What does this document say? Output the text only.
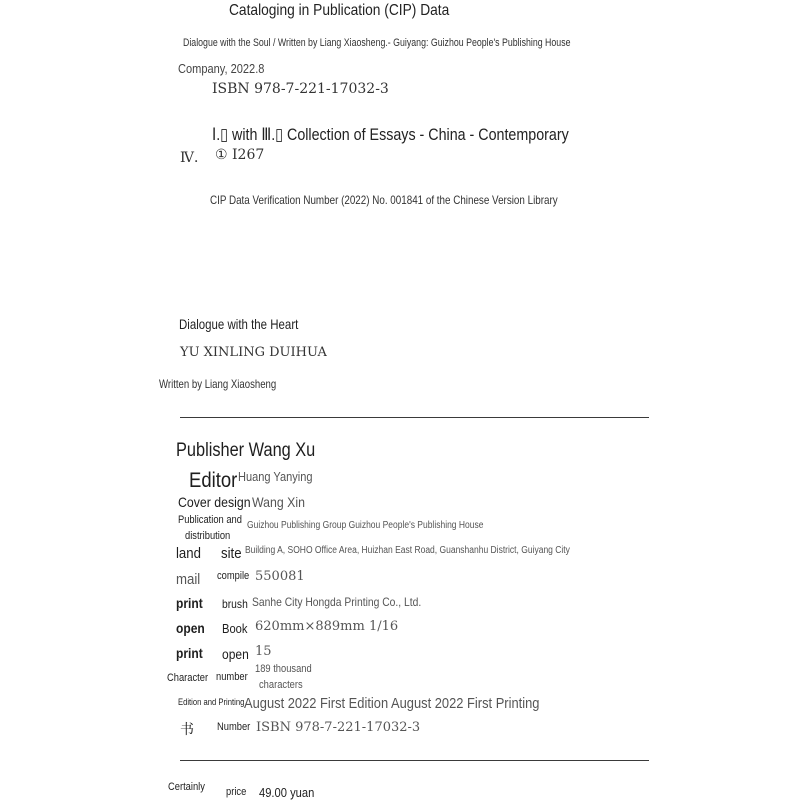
Cataloging in Publication (CIP) Data
Dialogue with the Soul / Written by Liang Xiaosheng.- Guiyang: Guizhou People's Publishing House
Company, 2022.8
ISBN 978-7-221-17032-3
Ⅰ.▯ with Ⅲ.▯ Collection of Essays - China - Contemporary
Ⅳ． ① I267
CIP Data Verification Number (2022) No. 001841 of the Chinese Version Library
Dialogue with the Heart
YU XINLING DUIHUA
Written by Liang Xiaosheng
Publisher Wang Xu
Editor Huang Yanying
Cover design Wang Xin
Publication and
distribution
Guizhou Publishing Group Guizhou People's Publishing House
land site Building A, SOHO Office Area, Huizhan East Road, Guanshanhu District, Guiyang City
mail compile 550081
print brush Sanhe City Hongda Printing Co., Ltd.
open Book 620mm×889mm 1/16
print open 15
Character number
189 thousand
characters
Edition and Printing August 2022 First Edition August 2022 First Printing
书 Number ISBN 978-7-221-17032-3
Certainly price 49.00 yuan
